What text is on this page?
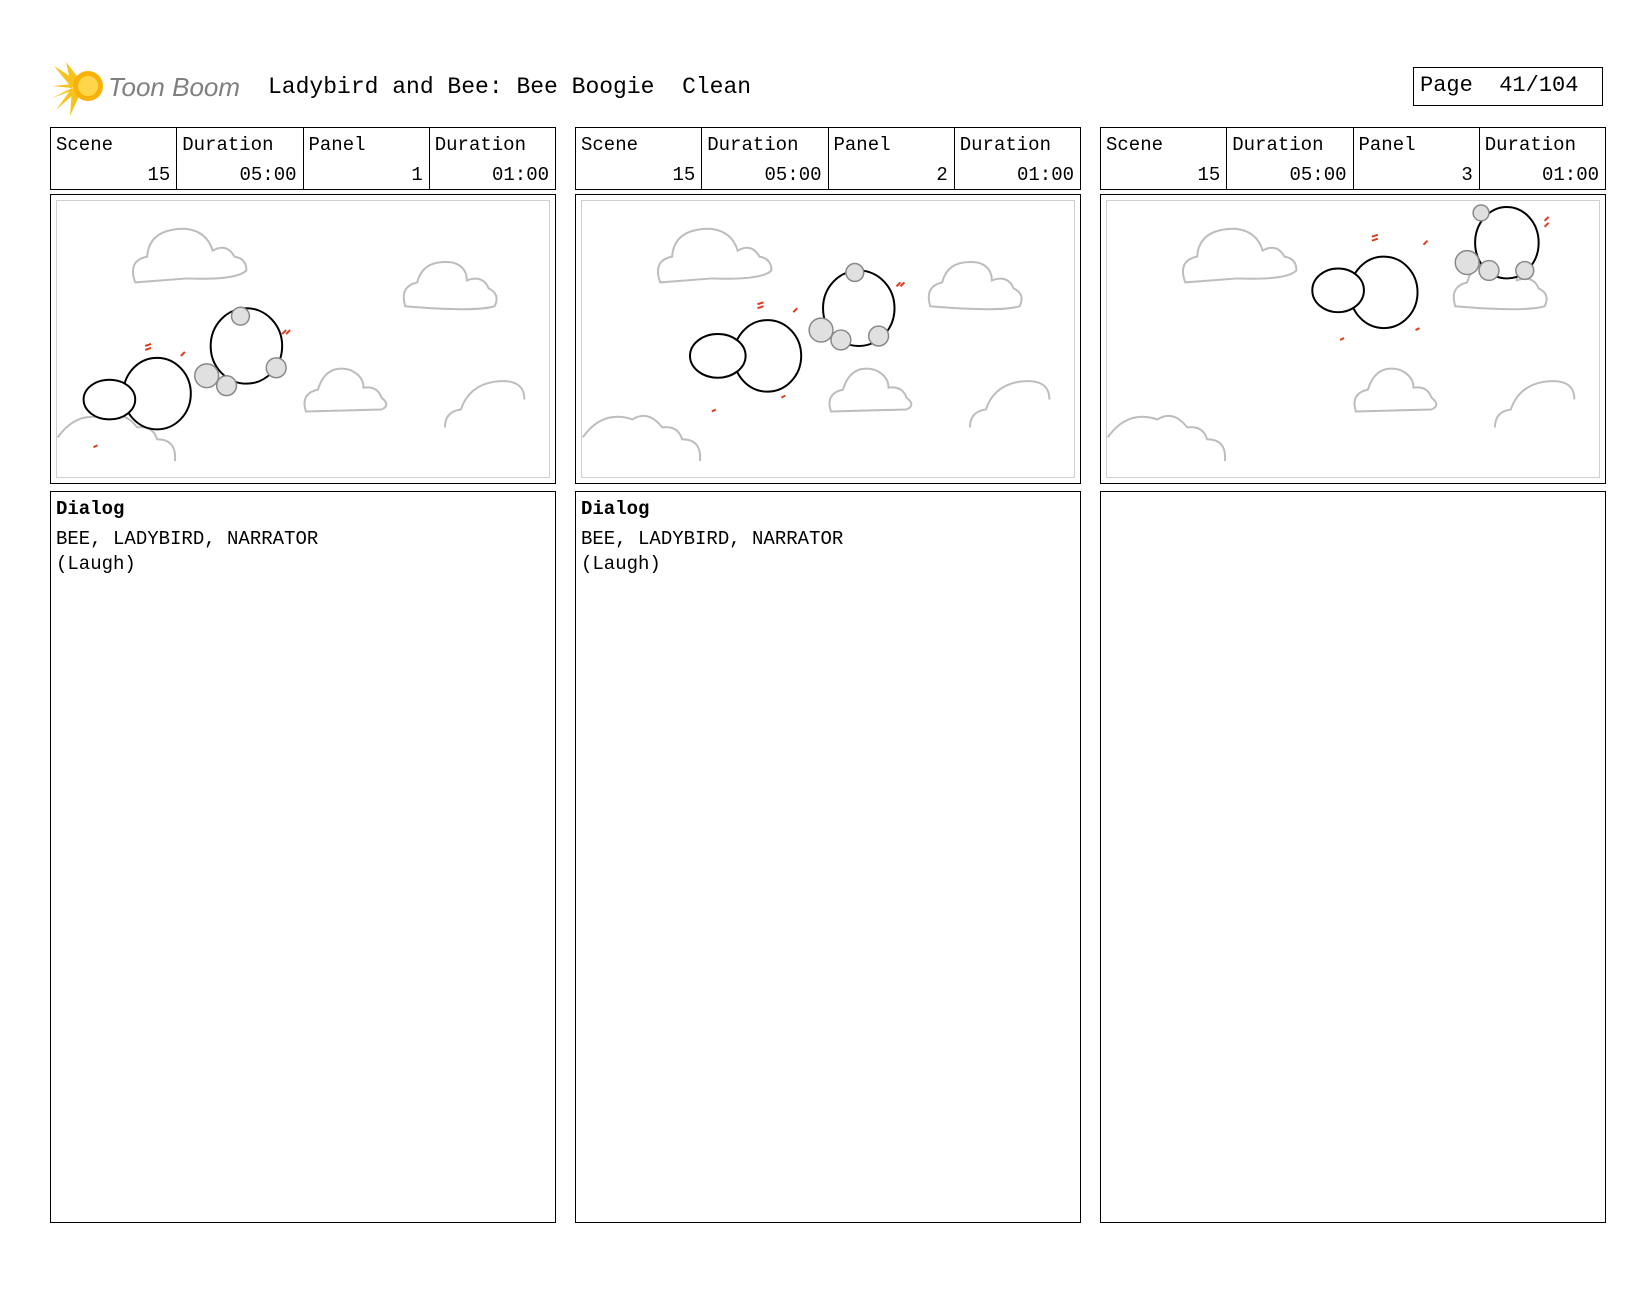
Toon Boom Ladybird and Bee: Bee Boogie  Clean	Page 41/104
Scene
15
Duration
05:00
Panel
1
Duration
01:00
Dialog
BEE, LADYBIRD, NARRATOR
(Laugh)
Scene
15
Duration
05:00
Panel
2
Duration
01:00
Dialog
BEE, LADYBIRD, NARRATOR
(Laugh)
Scene
15
Duration
05:00
Panel
3
Duration
01:00
